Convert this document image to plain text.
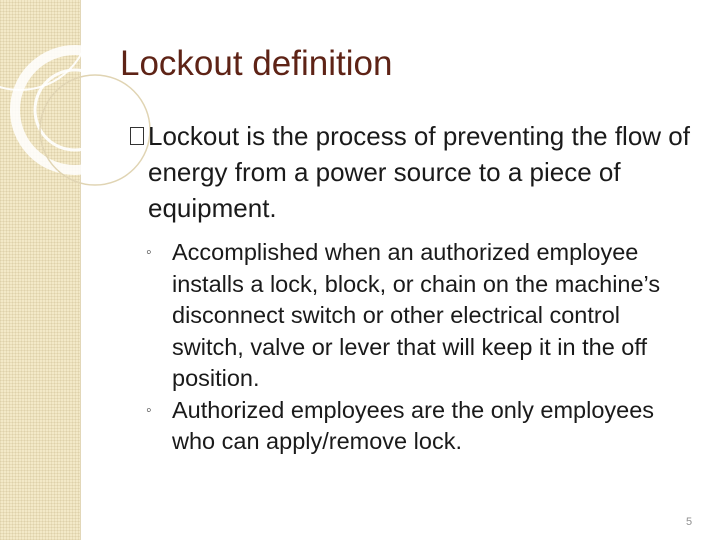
Lockout definition
Lockout is the process of preventing the flow of energy from a power source to a piece of equipment.
◦ Accomplished when an authorized employee installs a lock, block, or chain on the machine’s disconnect switch or other electrical control switch, valve or lever that will keep it in the off position.
◦ Authorized employees are the only employees who can apply/remove lock.
5
